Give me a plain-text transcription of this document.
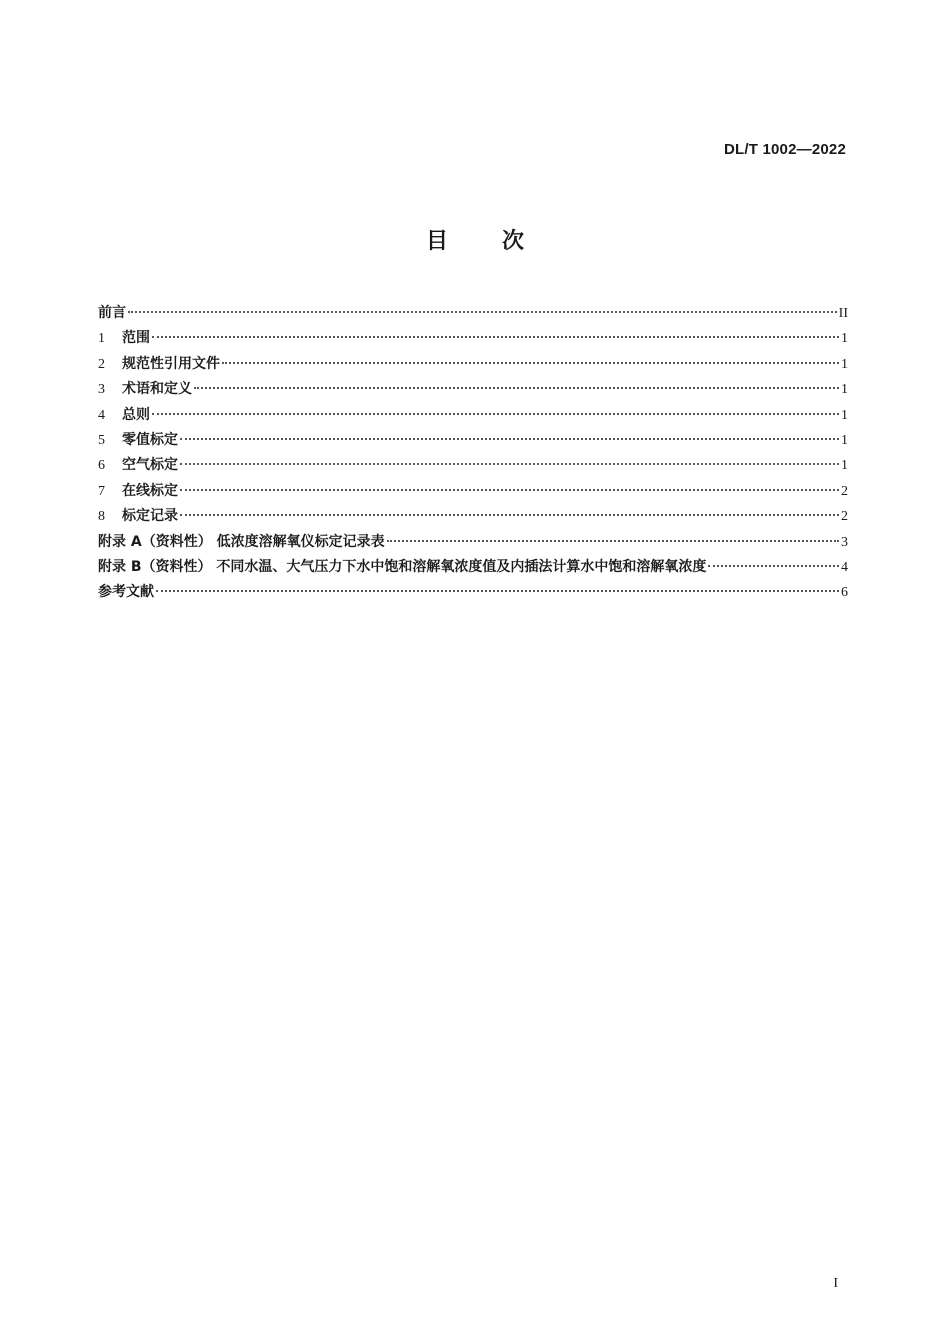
DL/T 1002—2022
目次
前言	II
1	范围	1
2	规范性引用文件	1
3	术语和定义	1
4	总则	1
5	零值标定	1
6	空气标定	1
7	在线标定	2
8	标定记录	2
附录 A（资料性） 低浓度溶解氧仪标定记录表	3
附录 B（资料性） 不同水温、大气压力下水中饱和溶解氧浓度值及内插法计算水中饱和溶解氧浓度	4
参考文献	6
I
